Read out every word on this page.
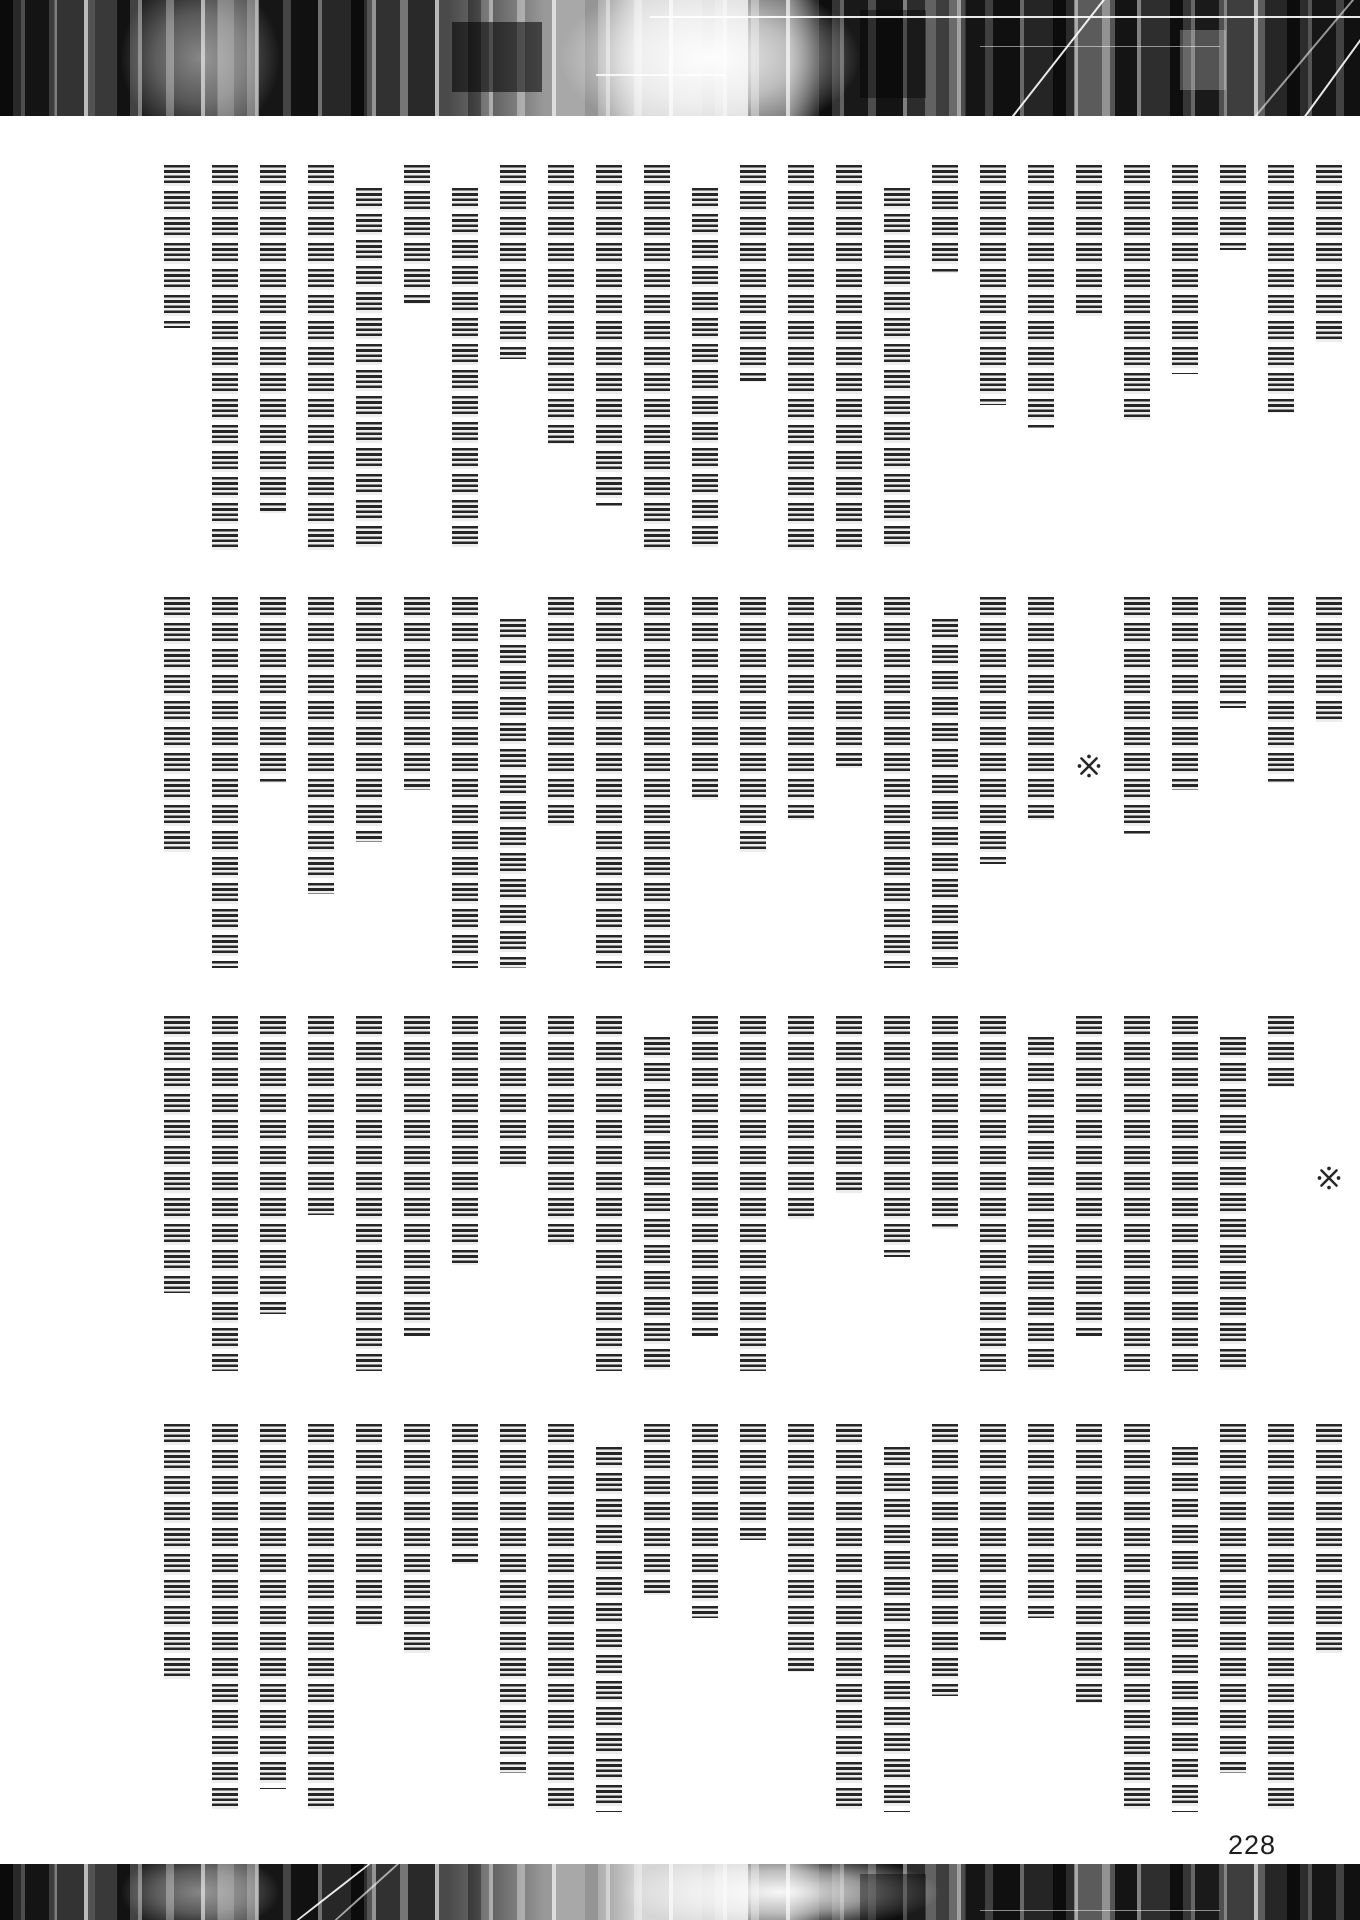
228
